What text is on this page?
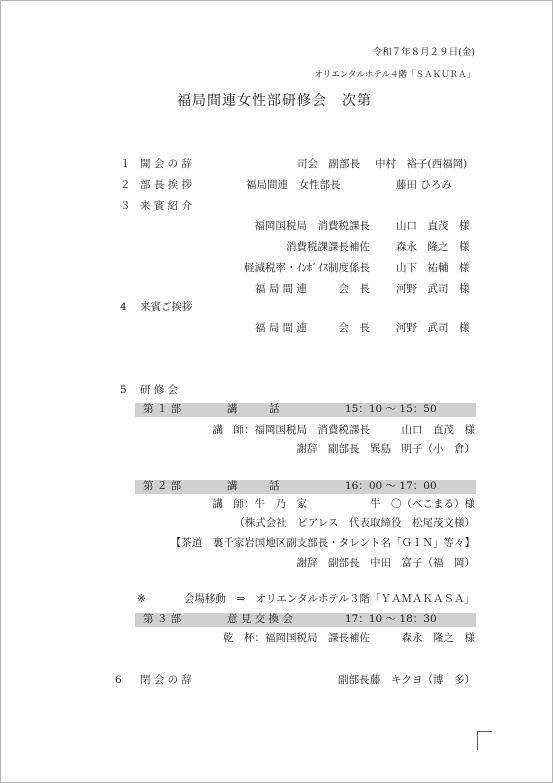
令和７年８月２９日(金)
オリエンタルホテル４階「ＳＡＫＵＲＡ」
福局間連女性部研修会　次第
１ 開 会 の 辞	司会　副部長 中村　裕子(西福岡)
２ 部 長 挨 拶	福局間連　女性部長	藤田 ひろみ
３ 来 賓 紹 介
福岡国税局　消費税課長 山口　直茂　様
消費税課課長補佐 森永　隆之　様
軽減税率・ｲﾝﾎﾞｲｽ制度係長 山下　祐輔　様
福 局 間 連　　　会　長 河野　武司　様
4 来賓ご挨拶
福 局 間 連　　　会　長 河野　武司　様
5 研 修 会
第 １ 部	講　　　話	15：10 ～ 15：50
講　師：福岡国税局　消費税課長　　　山口　直茂　様
謝辞　副部長　巽島　明子（小　倉）
第 ２ 部	講　　　話	16：00 ～ 17：00
講　師：牛　乃　家　　　　　　牛　〇（べこまる）様
（株式会社　ピアレス　代表取締役　松尾茂文様）
【茶道　裏千家岩国地区副支部長・タレント名「ＧＩＮ」等々】
謝辞　副部長　中田　富子（福　岡）
※	会場移動　⇒　オリエンタルホテル３階「ＹＡＭＡＫＡＳＡ」
第 ３ 部	意 見 交 換 会	17：10 ～ 18：30
乾　杯：福岡国税局　課長補佐　　　森永　隆之　様
6 閉 会 の 辞	副部長 藤　キクヨ（博　多）
